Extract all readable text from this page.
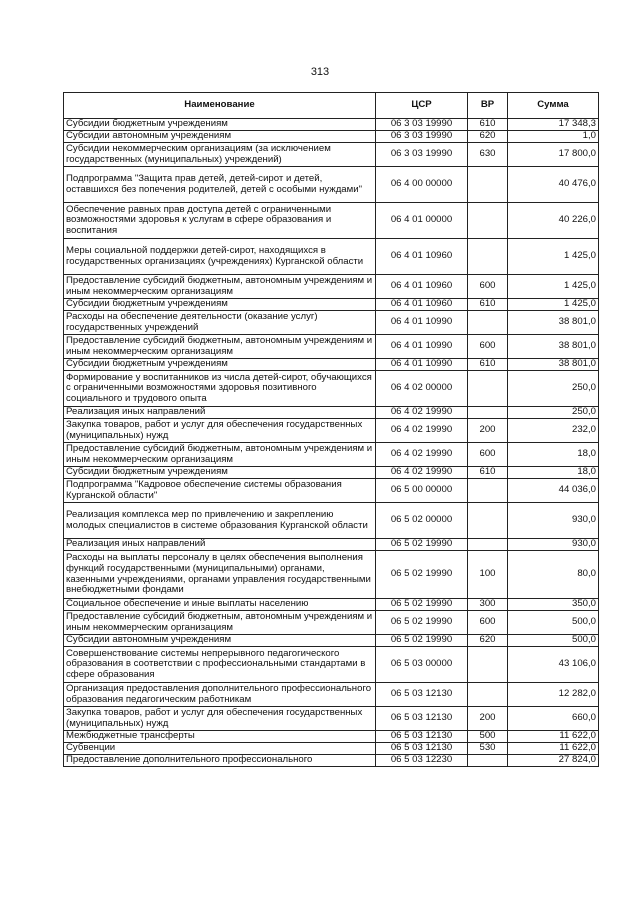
313
Наименование	ЦСР	ВР	Сумма
Субсидии бюджетным учреждениям	06 3 03 19990	610	17 348,3
Субсидии автономным учреждениям	06 3 03 19990	620	1,0
Субсидии некоммерческим организациям (за исключением государственных (муниципальных) учреждений)	06 3 03 19990	630	17 800,0
Подпрограмма "Защита прав детей, детей-сирот и детей, оставшихся без попечения родителей, детей с особыми нуждами"	06 4 00 00000		40 476,0
Обеспечение равных прав доступа детей с ограниченными возможностями здоровья к услугам в сфере образования и воспитания	06 4 01 00000		40 226,0
Меры социальной поддержки детей-сирот, находящихся в государственных организациях (учреждениях) Курганской области	06 4 01 10960		1 425,0
Предоставление субсидий бюджетным, автономным учреждениям и иным некоммерческим организациям	06 4 01 10960	600	1 425,0
Субсидии бюджетным учреждениям	06 4 01 10960	610	1 425,0
Расходы на обеспечение деятельности (оказание услуг) государственных учреждений	06 4 01 10990		38 801,0
Предоставление субсидий бюджетным, автономным учреждениям и иным некоммерческим организациям	06 4 01 10990	600	38 801,0
Субсидии бюджетным учреждениям	06 4 01 10990	610	38 801,0
Формирование у воспитанников из числа детей-сирот, обучающихся с ограниченными возможностями здоровья позитивного социального и трудового опыта	06 4 02 00000		250,0
Реализация иных направлений	06 4 02 19990		250,0
Закупка товаров, работ и услуг для обеспечения государственных (муниципальных) нужд	06 4 02 19990	200	232,0
Предоставление субсидий бюджетным, автономным учреждениям и иным некоммерческим организациям	06 4 02 19990	600	18,0
Субсидии бюджетным учреждениям	06 4 02 19990	610	18,0
Подпрограмма "Кадровое обеспечение системы образования Курганской области"	06 5 00 00000		44 036,0
Реализация комплекса мер по привлечению и закреплению молодых специалистов в системе образования Курганской области	06 5 02 00000		930,0
Реализация иных направлений	06 5 02 19990		930,0
Расходы на выплаты персоналу в целях обеспечения выполнения функций государственными (муниципальными) органами, казенными учреждениями, органами управления государственными внебюджетными фондами	06 5 02 19990	100	80,0
Социальное обеспечение и иные выплаты населению	06 5 02 19990	300	350,0
Предоставление субсидий бюджетным, автономным учреждениям и иным некоммерческим организациям	06 5 02 19990	600	500,0
Субсидии автономным учреждениям	06 5 02 19990	620	500,0
Совершенствование системы непрерывного педагогического образования в соответствии с профессиональными стандартами в сфере образования	06 5 03 00000		43 106,0
Организация предоставления дополнительного профессионального образования педагогическим работникам	06 5 03 12130		12 282,0
Закупка товаров, работ и услуг для обеспечения государственных (муниципальных) нужд	06 5 03 12130	200	660,0
Межбюджетные трансферты	06 5 03 12130	500	11 622,0
Субвенции	06 5 03 12130	530	11 622,0
Предоставление дополнительного профессионального	06 5 03 12230		27 824,0
